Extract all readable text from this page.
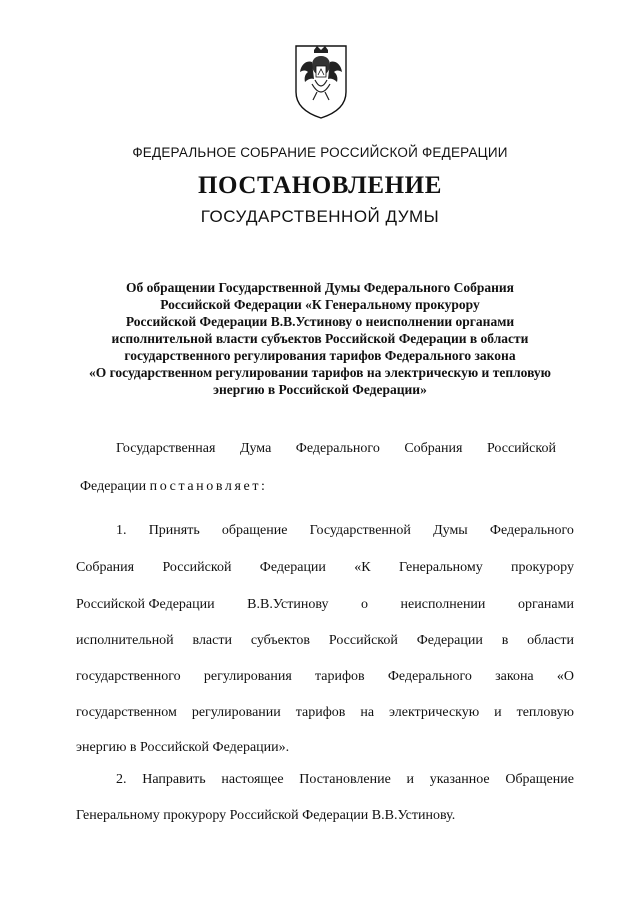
ФЕДЕРАЛЬНОЕ СОБРАНИЕ РОССИЙСКОЙ ФЕДЕРАЦИИ
ПОСТАНОВЛЕНИЕ
ГОСУДАРСТВЕННОЙ ДУМЫ
Об обращении Государственной Думы Федерального Собрания
Российской Федерации «К Генеральному прокурору
Российской Федерации В.В.Устинову о неисполнении органами
исполнительной власти субъектов Российской Федерации в области
государственного регулирования тарифов Федерального закона
«О государственном регулировании тарифов на электрическую и тепловую
энергию в Российской Федерации»
Государственная Дума Федерального Собрания Российской
Федерации постановляет:
1. Принять обращение Государственной Думы Федерального
Собрания Российской Федерации «К Генеральному прокурору
Российской Федерации В.В.Устинову о неисполнении органами
исполнительной власти субъектов Российской Федерации в области
государственного регулирования тарифов Федерального закона «О
государственном регулировании тарифов на электрическую и тепловую
энергию в Российской Федерации».
2. Направить настоящее Постановление и указанное Обращение
Генеральному прокурору Российской Федерации В.В.Устинову.
